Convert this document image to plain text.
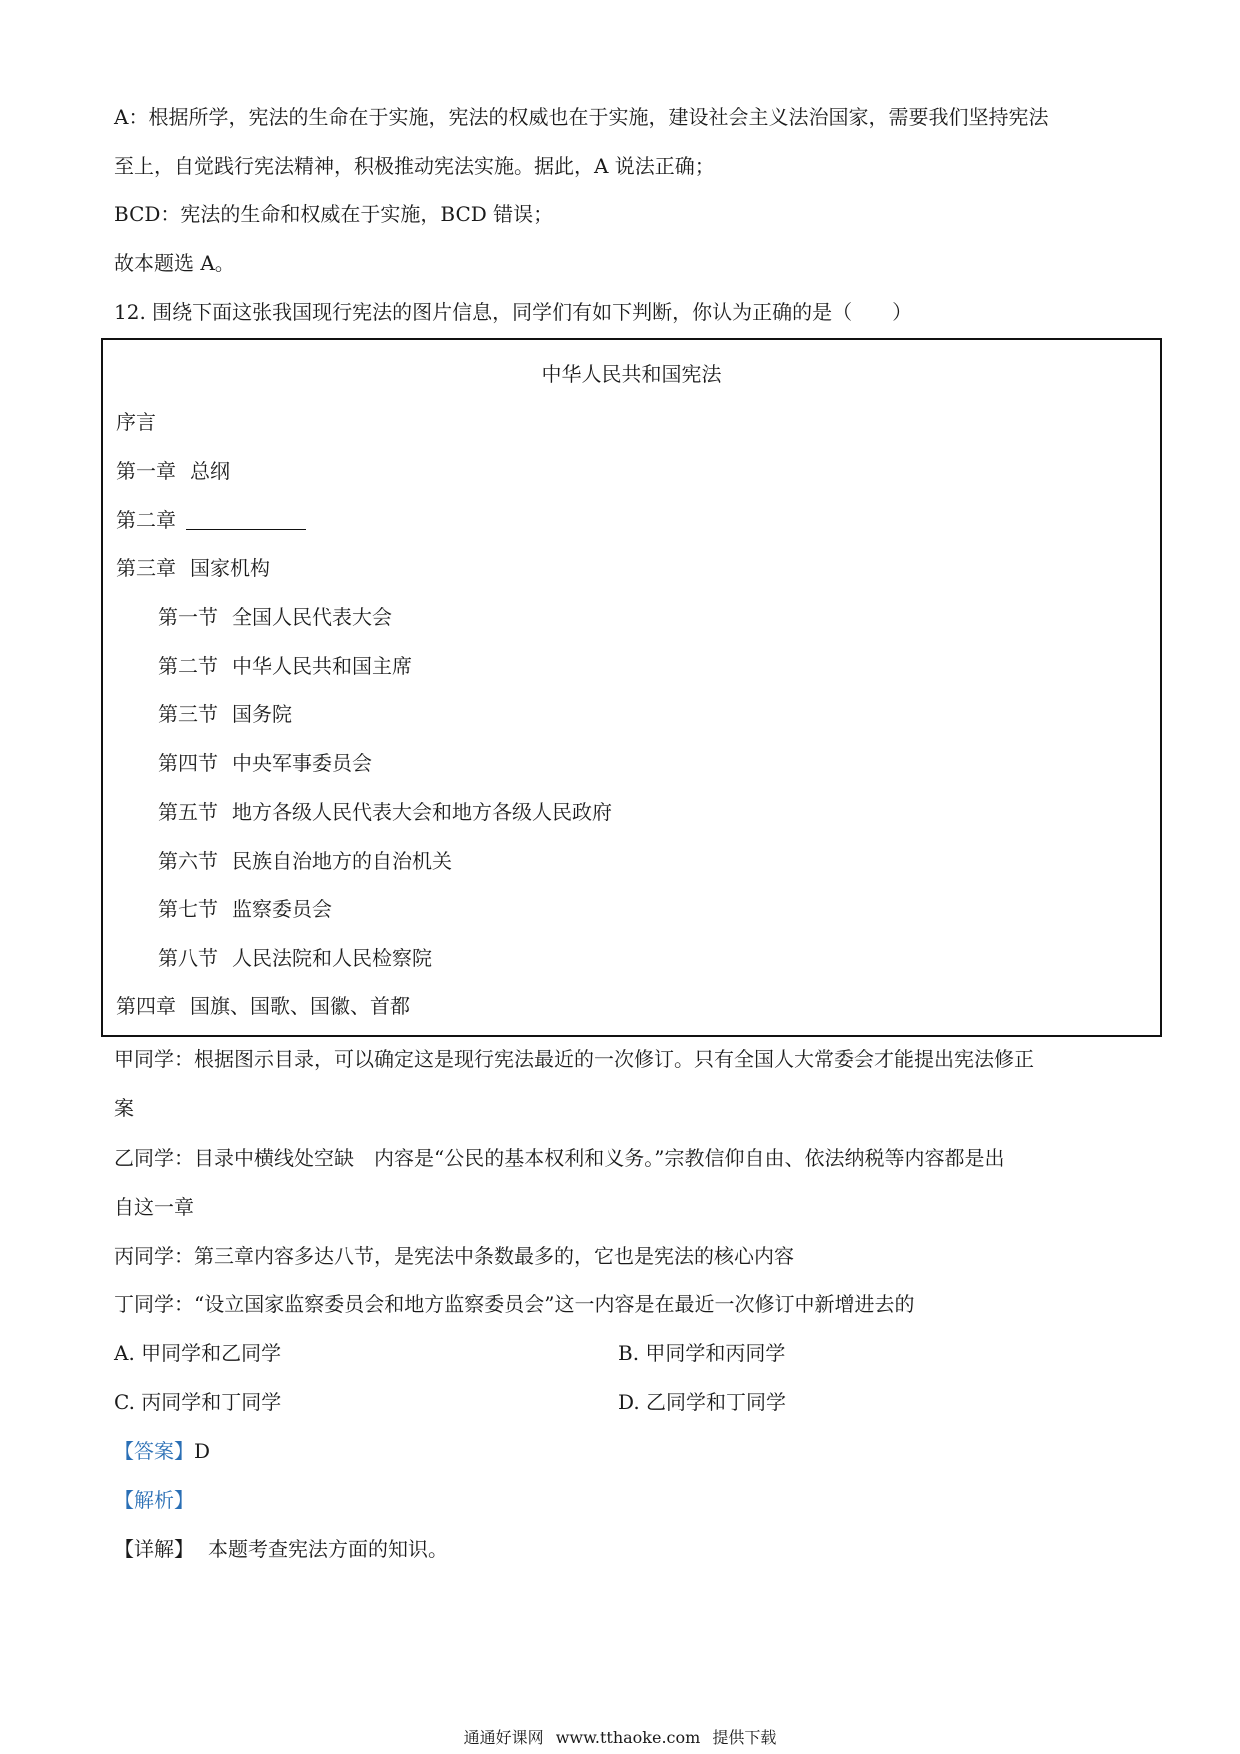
A：根据所学，宪法的生命在于实施，宪法的权威也在于实施，建设社会主义法治国家，需要我们坚持宪法
至上，自觉践行宪法精神，积极推动宪法实施。据此，A 说法正确；
BCD：宪法的生命和权威在于实施，BCD 错误；
故本题选 A。
12. 围绕下面这张我国现行宪法的图片信息，同学们有如下判断，你认为正确的是（　　）
中华人民共和国宪法
序言
第一章 总纲
第二章
第三章 国家机构
第一节 全国人民代表大会
第二节 中华人民共和国主席
第三节 国务院
第四节 中央军事委员会
第五节 地方各级人民代表大会和地方各级人民政府
第六节 民族自治地方的自治机关
第七节 监察委员会
第八节 人民法院和人民检察院
第四章 国旗、国歌、国徽、首都
甲同学：根据图示目录，可以确定这是现行宪法最近的一次修订。只有全国人大常委会才能提出宪法修正
案
乙同学：目录中横线处空缺　内容是“公民的基本权利和义务。”宗教信仰自由、依法纳税等内容都是出
自这一章
丙同学：第三章内容多达八节，是宪法中条数最多的，它也是宪法的核心内容
丁同学：“设立国家监察委员会和地方监察委员会”这一内容是在最近一次修订中新增进去的
A. 甲同学和乙同学	B. 甲同学和丙同学
C. 丙同学和丁同学	D. 乙同学和丁同学
【答案】D
【解析】
【详解】 本题考查宪法方面的知识。
通通好课网 www.tthaoke.com 提供下载
